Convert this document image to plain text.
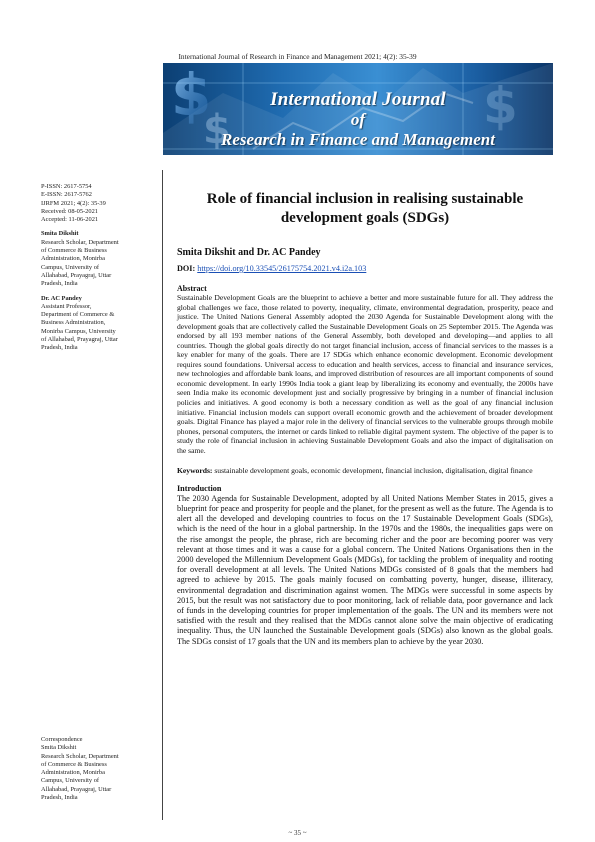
International Journal of Research in Finance and Management 2021; 4(2): 35-39
$
$	$
International Journal
of
Research in Finance and Management
P-ISSN: 2617-5754
E-ISSN: 2617-5762
IJRFM 2021; 4(2): 35-39
Received: 08-05-2021
Accepted: 11-06-2021
Smita Dikshit
Research Scholar, Department
of Commerce & Business
Administration, Monirba
Campus, University of
Allahabad, Prayagraj, Uttar
Pradesh, India
Dr. AC Pandey
Assistant Professor,
Department of Commerce &
Business Administration,
Monirba Campus, University
of Allahabad, Prayagraj, Uttar
Pradesh, India
Correspondence
Smita Dikshit
Research Scholar, Department
of Commerce & Business
Administration, Monirba
Campus, University of
Allahabad, Prayagraj, Uttar
Pradesh, India
Role of financial inclusion in realising sustainable
development goals (SDGs)
Smita Dikshit and Dr. AC Pandey
DOI: https://doi.org/10.33545/26175754.2021.v4.i2a.103
Abstract

Sustainable Development Goals are the blueprint to achieve a better and more sustainable future for all. They address the global challenges we face, those related to poverty, inequality, climate, environmental degradation, prosperity, peace and justice. The United Nations General Assembly adopted the 2030 Agenda for Sustainable Development along with the development goals that are collectively called the Sustainable Development Goals on 25 September 2015. The Agenda was endorsed by all 193 member nations of the General Assembly, both developed and developing—and applies to all countries. Though the global goals directly do not target financial inclusion, access of financial services to the masses is a key enabler for many of the goals. There are 17 SDGs which enhance economic development. Economic development requires sound foundations. Universal access to education and health services, access to financial and insurance services, new technologies and affordable bank loans, and improved distribution of resources are all important components of sound economic development. In early 1990s India took a giant leap by liberalizing its economy and eventually, the 2000s have seen India make its economic development just and socially progressive by bringing in a number of financial inclusion policies and initiatives. A good economy is both a necessary condition as well as the goal of any financial inclusion initiative. Financial inclusion models can support overall economic growth and the achievement of broader development goals. Digital Finance has played a major role in the delivery of financial services to the vulnerable groups through mobile phones, personal computers, the internet or cards linked to reliable digital payment system. The objective of the paper is to study the role of financial inclusion in achieving Sustainable Development Goals and also the impact of digitalisation on the same.

Keywords: sustainable development goals, economic development, financial inclusion, digitalisation, digital finance
Introduction

The 2030 Agenda for Sustainable Development, adopted by all United Nations Member States in 2015, gives a blueprint for peace and prosperity for people and the planet, for the present as well as the future. The Agenda is to alert all the developed and developing countries to focus on the 17 Sustainable Development Goals (SDGs), which is the need of the hour in a global partnership. In the 1970s and the 1980s, the inequalities gaps were on the rise amongst the people, the phrase, rich are becoming richer and the poor are becoming poorer was very relevant at those times and it was a cause for a global concern. The United Nations Organisations then in the 2000 developed the Millennium Development Goals (MDGs), for tackling the problem of inequality and rooting for overall development at all levels. The United Nations MDGs consisted of 8 goals that the members had agreed to achieve by 2015. The goals mainly focused on combatting poverty, hunger, disease, illiteracy, environmental degradation and discrimination against women. The MDGs were successful in some aspects by 2015, but the result was not satisfactory due to poor monitoring, lack of reliable data, poor governance and lack of funds in the developing countries for proper implementation of the goals. The UN and its members were not satisfied with the result and they realised that the MDGs cannot alone solve the main objective of eradicating inequality. Thus, the UN launched the Sustainable Development goals (SDGs) also known as the global goals. The SDGs consist of 17 goals that the UN and its members plan to achieve by the year 2030.

~ 35 ~
